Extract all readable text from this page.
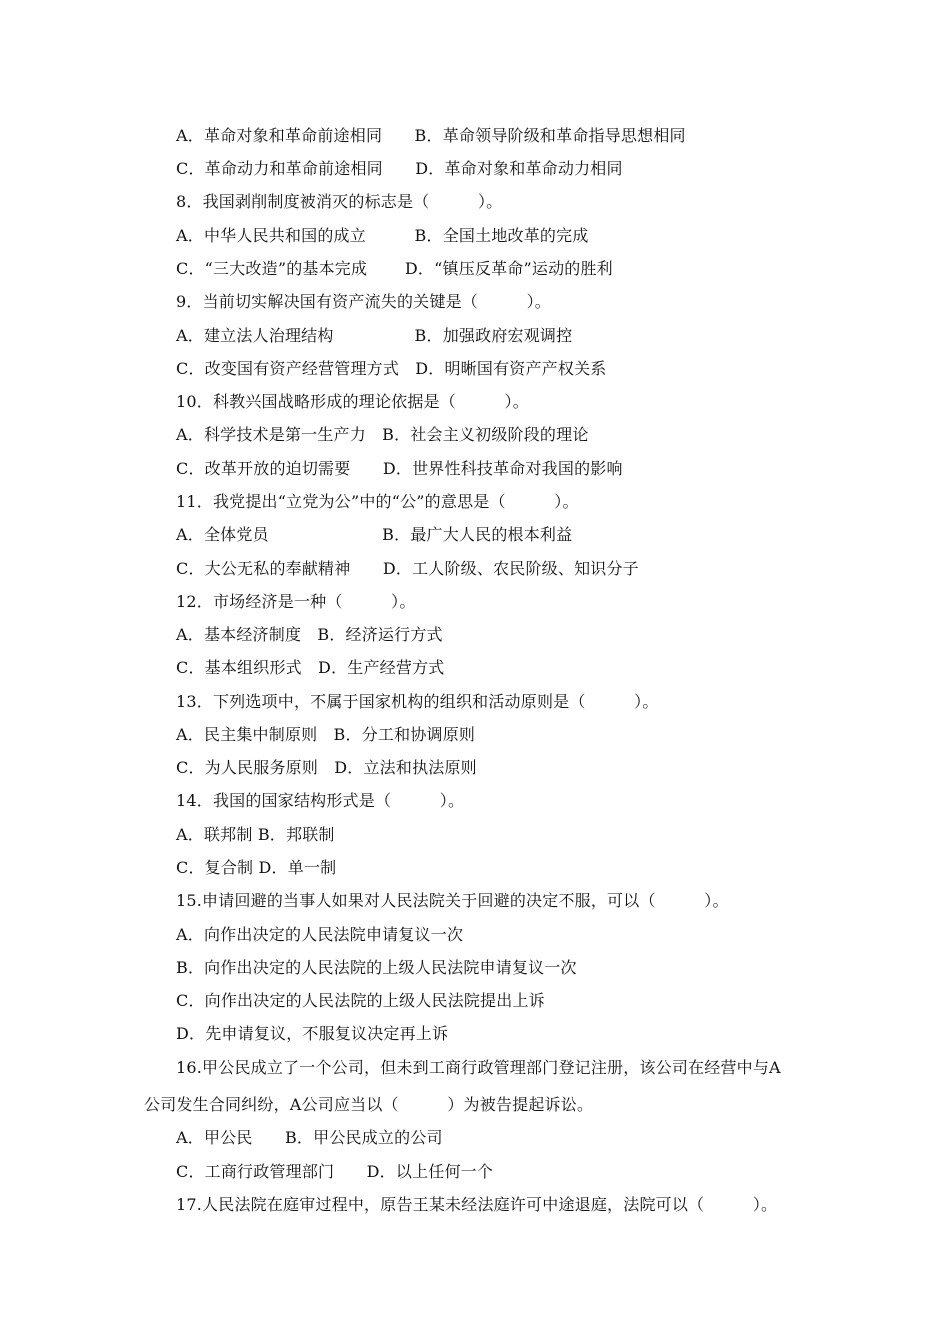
A．革命对象和革命前途相同　　B．革命领导阶级和革命指导思想相同
C．革命动力和革命前途相同　　D．革命对象和革命动力相同
8．我国剥削制度被消灭的标志是（　　　）。
A．中华人民共和国的成立　　　B．全国土地改革的完成
C．“三大改造”的基本完成　　 D．“镇压反革命”运动的胜利
9．当前切实解决国有资产流失的关键是（　　　）。
A．建立法人治理结构　　　　　B．加强政府宏观调控
C．改变国有资产经营管理方式　D．明晰国有资产产权关系
10．科教兴国战略形成的理论依据是（　　　）。
A．科学技术是第一生产力　B．社会主义初级阶段的理论
C．改革开放的迫切需要　　D．世界性科技革命对我国的影响
11．我党提出“立党为公”中的“公”的意思是（　　　）。
A．全体党员　　　　　　　B．最广大人民的根本利益
C．大公无私的奉献精神　　D．工人阶级、农民阶级、知识分子
12．市场经济是一种（　　　）。
A．基本经济制度　B．经济运行方式
C．基本组织形式　D．生产经营方式
13．下列选项中，不属于国家机构的组织和活动原则是（　　　）。
A．民主集中制原则　B．分工和协调原则
C．为人民服务原则　D．立法和执法原则
14．我国的国家结构形式是（　　　）。
A．联邦制 B．邦联制
C．复合制 D．单一制
15.申请回避的当事人如果对人民法院关于回避的决定不服，可以（　　　）。
A．向作出决定的人民法院申请复议一次
B．向作出决定的人民法院的上级人民法院申请复议一次
C．向作出决定的人民法院的上级人民法院提出上诉
D．先申请复议，不服复议决定再上诉
16.甲公民成立了一个公司，但未到工商行政管理部门登记注册，该公司在经营中与A
公司发生合同纠纷，A公司应当以（　　　）为被告提起诉讼。
A．甲公民　　B．甲公民成立的公司
C．工商行政管理部门　　D．以上任何一个
17.人民法院在庭审过程中，原告王某未经法庭许可中途退庭，法院可以（　　　）。
